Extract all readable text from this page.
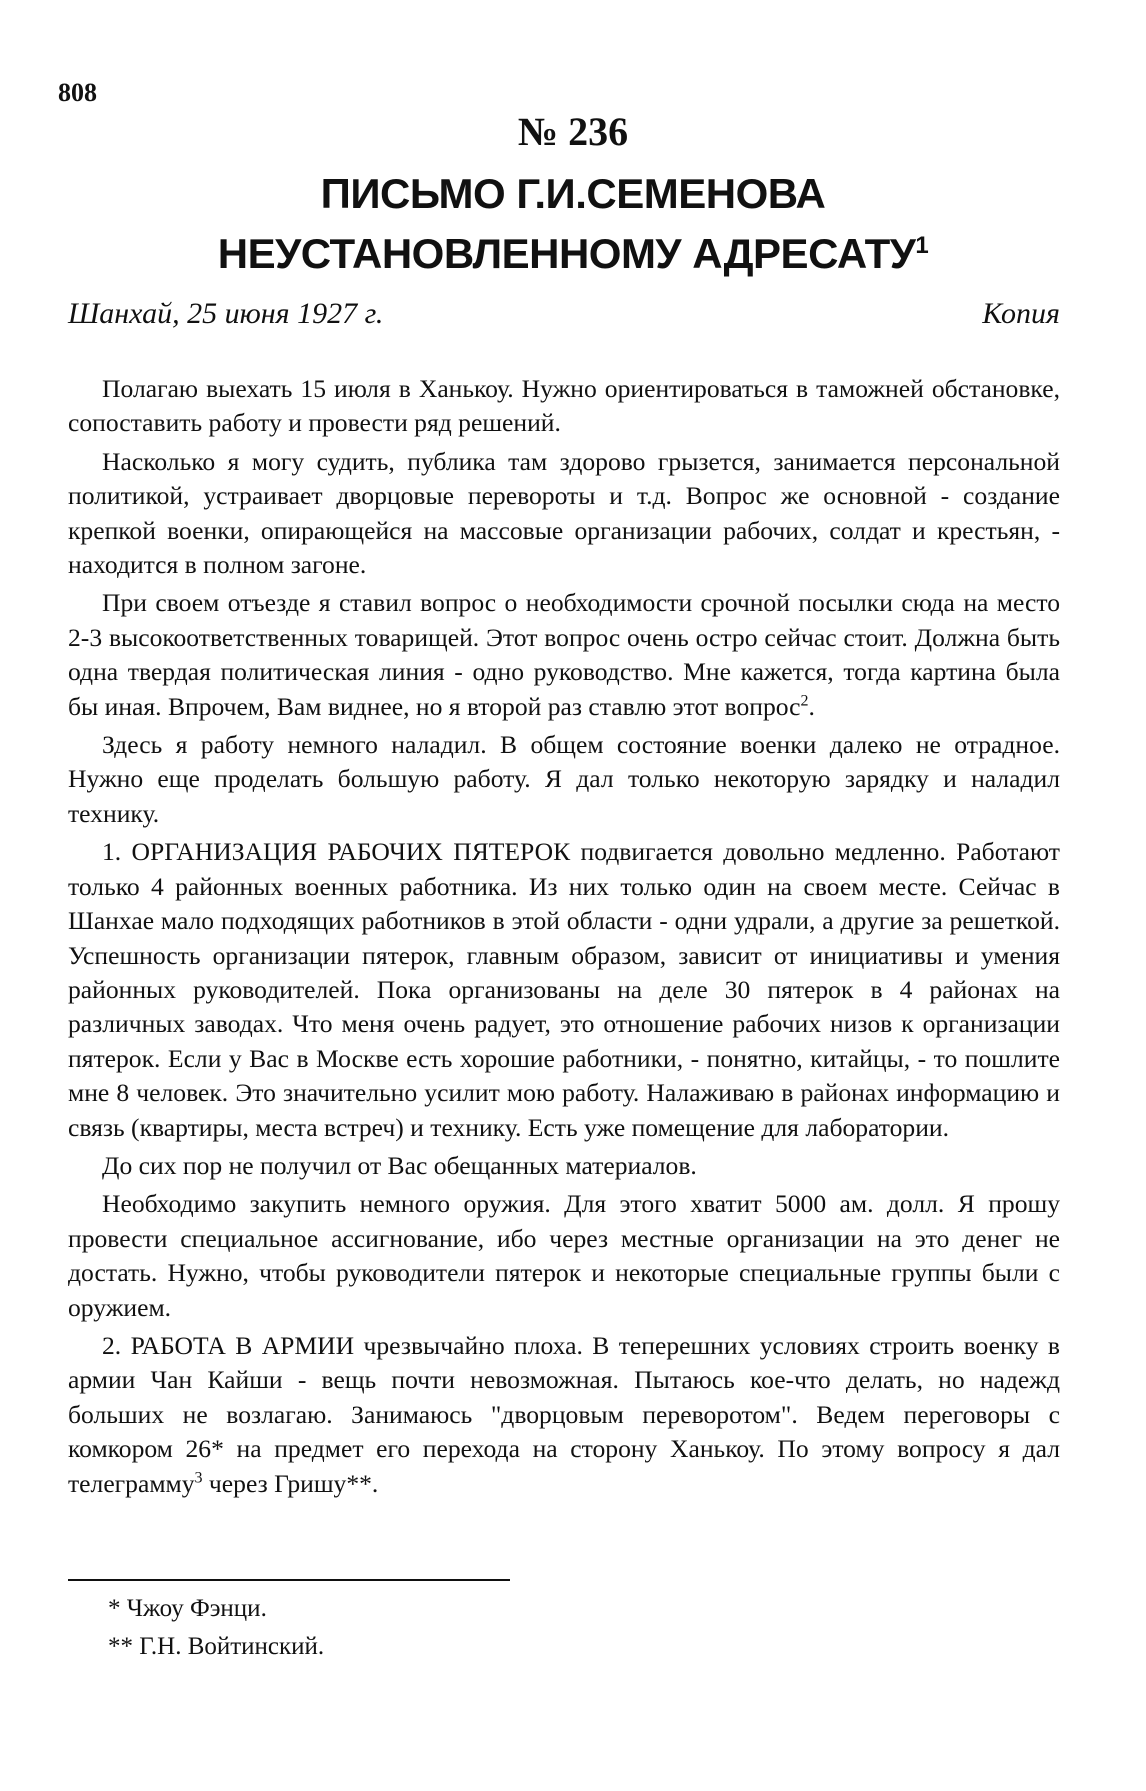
808
№ 236
ПИСЬМО Г.И.СЕМЕНОВА
НЕУСТАНОВЛЕННОМУ АДРЕСАТУ$^1$
Шанхай, 25 июня 1927 г.	Копия

Полагаю выехать 15 июля в Ханькоу. Нужно ориентироваться в таможней обстановке, сопоставить работу и провести ряд решений.

Насколько я могу судить, публика там здорово грызется, занимается персональной политикой, устраивает дворцовые перевороты и т.д. Вопрос же основной - создание крепкой военки, опирающейся на массовые организации рабочих, солдат и крестьян, - находится в полном загоне.

При своем отъезде я ставил вопрос о необходимости срочной посылки сюда на место 2-3 высокоответственных товарищей. Этот вопрос очень остро сейчас стоит. Должна быть одна твердая политическая линия - одно руководство. Мне кажется, тогда картина была бы иная. Впрочем, Вам виднее, но я второй раз ставлю этот вопрос$^2$.

Здесь я работу немного наладил. В общем состояние военки далеко не отрадное. Нужно еще проделать большую работу. Я дал только некоторую зарядку и наладил технику.

1. ОРГАНИЗАЦИЯ РАБОЧИХ ПЯТЕРОК подвигается довольно медленно. Работают только 4 районных военных работника. Из них только один на своем месте. Сейчас в Шанхае мало подходящих работников в этой области - одни удрали, а другие за решеткой. Успешность организации пятерок, главным образом, зависит от инициативы и умения районных руководителей. Пока организованы на деле 30 пятерок в 4 районах на различных заводах. Что меня очень радует, это отношение рабочих низов к организации пятерок. Если у Вас в Москве есть хорошие работники, - понятно, китайцы, - то пошлите мне 8 человек. Это значительно усилит мою работу. Налаживаю в районах информацию и связь (квартиры, места встреч) и технику. Есть уже помещение для лаборатории.

До сих пор не получил от Вас обещанных материалов.

Необходимо закупить немного оружия. Для этого хватит 5000 ам. долл. Я прошу провести специальное ассигнование, ибо через местные организации на это денег не достать. Нужно, чтобы руководители пятерок и некоторые специальные группы были с оружием.

2. РАБОТА В АРМИИ чрезвычайно плоха. В теперешних условиях строить военку в армии Чан Кайши - вещь почти невозможная. Пытаюсь кое-что делать, но надежд больших не возлагаю. Занимаюсь "дворцовым переворотом". Ведем переговоры с комкором 26* на предмет его перехода на сторону Ханькоу. По этому вопросу я дал телеграмму$^3$ через Гришу**.

* Чжоу Фэнци.
** Г.Н. Войтинский.
